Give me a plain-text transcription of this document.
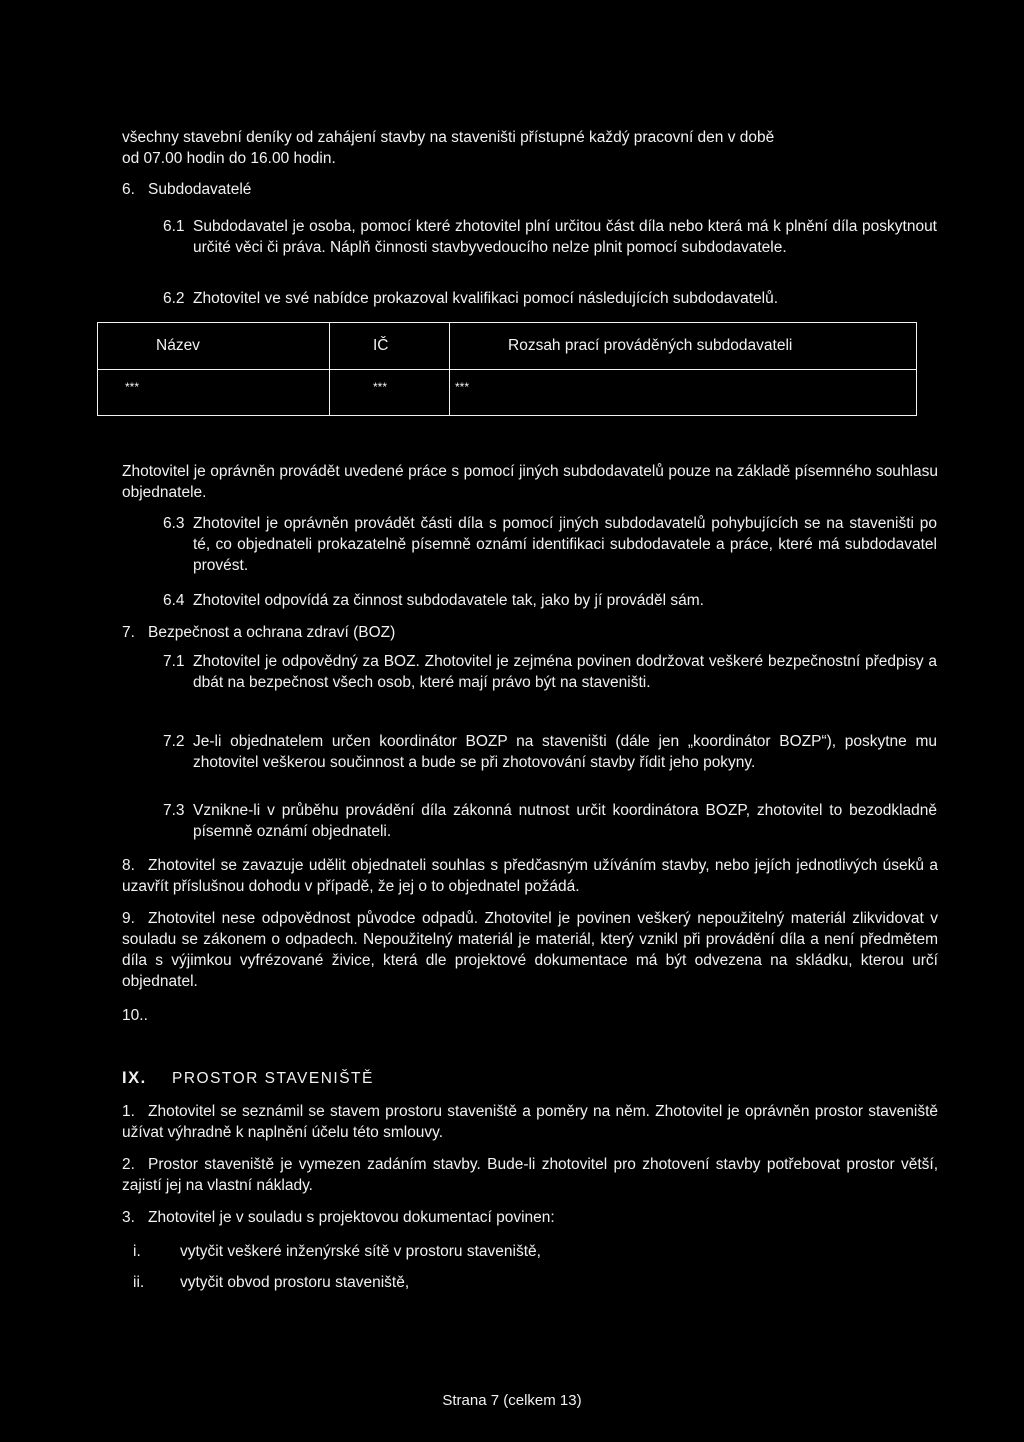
všechny stavební deníky od zahájení stavby na staveništi přístupné každý pracovní den v době
od 07.00 hodin do 16.00 hodin.
6. Subdodavatelé
6.1 Subdodavatel je osoba, pomocí které zhotovitel plní určitou část díla nebo která má k plnění díla poskytnout určité věci či práva. Náplň činnosti stavbyvedoucího nelze plnit pomocí subdodavatele.
6.2 Zhotovitel ve své nabídce prokazoval kvalifikaci pomocí následujících subdodavatelů.
Název	IČ	Rozsah prací prováděných subdodavateli
***	***	***
Zhotovitel je oprávněn provádět uvedené práce s pomocí jiných subdodavatelů pouze na základě písemného souhlasu objednatele.
6.3 Zhotovitel je oprávněn provádět části díla s pomocí jiných subdodavatelů pohybujících se na staveništi po té, co objednateli prokazatelně písemně oznámí identifikaci subdodavatele a práce, které má subdodavatel provést.
6.4 Zhotovitel odpovídá za činnost subdodavatele tak, jako by jí prováděl sám.
7. Bezpečnost a ochrana zdraví (BOZ)
7.1 Zhotovitel je odpovědný za BOZ. Zhotovitel je zejména povinen dodržovat veškeré bezpečnostní předpisy a dbát na bezpečnost všech osob, které mají právo být na staveništi.
7.2 Je-li objednatelem určen koordinátor BOZP na staveništi (dále jen „koordinátor BOZP“), poskytne mu zhotovitel veškerou součinnost a bude se při zhotovování stavby řídit jeho pokyny.
7.3 Vznikne-li v průběhu provádění díla zákonná nutnost určit koordinátora BOZP, zhotovitel to bezodkladně písemně oznámí objednateli.
8. Zhotovitel se zavazuje udělit objednateli souhlas s předčasným užíváním stavby, nebo jejích jednotlivých úseků a uzavřít příslušnou dohodu v případě, že jej o to objednatel požádá.
9. Zhotovitel nese odpovědnost původce odpadů. Zhotovitel je povinen veškerý nepoužitelný materiál zlikvidovat v souladu se zákonem o odpadech. Nepoužitelný materiál je materiál, který vznikl při provádění díla a není předmětem díla s výjimkou vyfrézované živice, která dle projektové dokumentace má být odvezena na skládku, kterou určí objednatel.
10..
IX. PROSTOR STAVENIŠTĚ
1. Zhotovitel se seznámil se stavem prostoru staveniště a poměry na něm. Zhotovitel je oprávněn prostor staveniště užívat výhradně k naplnění účelu této smlouvy.
2. Prostor staveniště je vymezen zadáním stavby. Bude-li zhotovitel pro zhotovení stavby potřebovat prostor větší, zajistí jej na vlastní náklady.
3. Zhotovitel je v souladu s projektovou dokumentací povinen:
i.	vytyčit veškeré inženýrské sítě v prostoru staveniště,
ii. vytyčit obvod prostoru staveniště,
Strana 7 (celkem 13)
